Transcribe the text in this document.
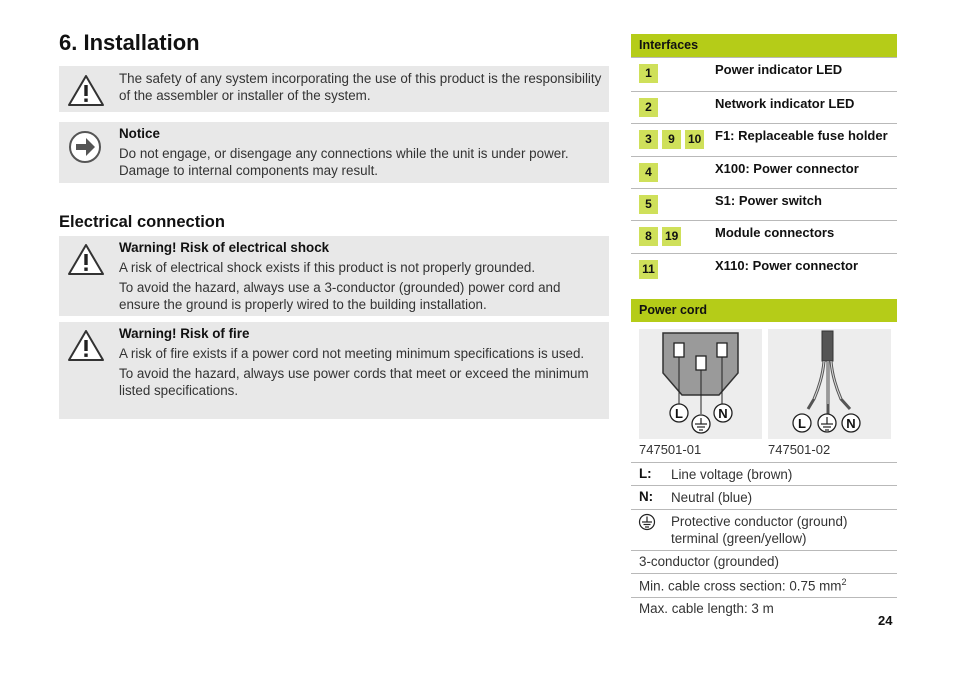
6. Installation

The safety of any system incorporating the use of this product is the responsibility of the assembler or installer of the system.

Notice

Do not engage, or disengage any connections while the unit is under power. Damage to internal components may result.

Electrical connection

Warning! Risk of electrical shock

A risk of electrical shock exists if this product is not properly grounded.

To avoid the hazard, always use a 3-conductor (grounded) power cord and ensure the ground is properly wired to the building installation.

Warning! Risk of fire

A risk of fire exists if a power cord not meeting minimum specifications is used.

To avoid the hazard, always use power cords that meet or exceed the minimum listed specifications.

Interfaces
1	Power indicator LED
2	Network indicator LED
3	9	10 F1: Replaceable fuse holder
4	X100: Power connector
5	S1: Power switch
8	19	Module connectors
11	X110: Power connector
Power cord
L	N
L	N
747501-01	747501-02
L: Line voltage (brown)
N: Neutral (blue)
Protective conductor (ground) terminal (green/yellow)
3-conductor (grounded)
Min. cable cross section: 0.75 $mm^2$
Max. cable length: 3 m
24
